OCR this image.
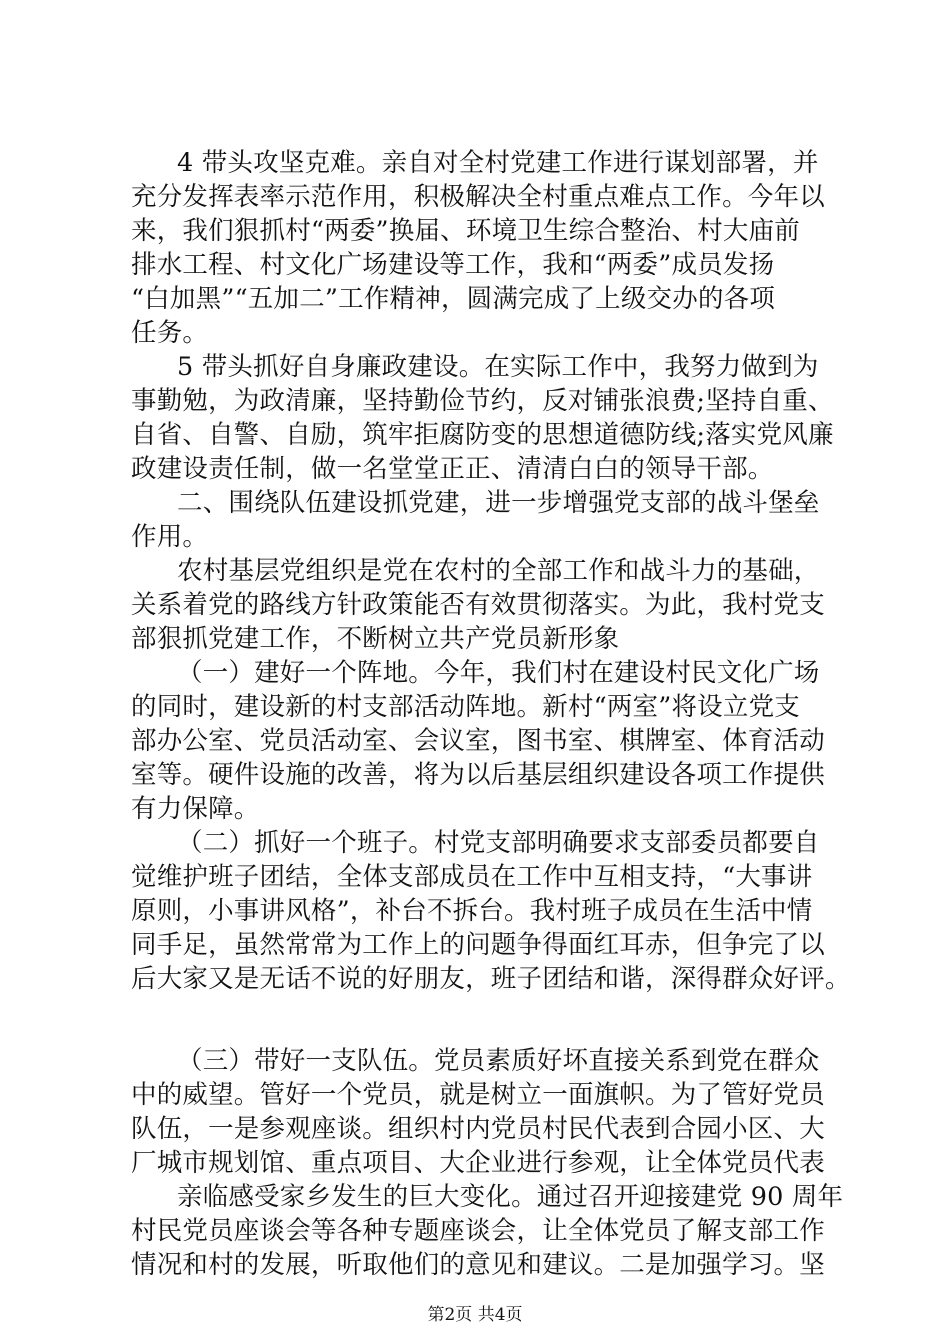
4 带头攻坚克难。亲自对全村党建工作进行谋划部署，并

充分发挥表率示范作用，积极解决全村重点难点工作。今年以

来，我们狠抓村“两委”换届、环境卫生综合整治、村大庙前

排水工程、村文化广场建设等工作，我和“两委”成员发扬

“白加黑”“五加二”工作精神，圆满完成了上级交办的各项

任务。

5 带头抓好自身廉政建设。在实际工作中，我努力做到为

事勤勉，为政清廉，坚持勤俭节约，反对铺张浪费;坚持自重、

自省、自警、自励，筑牢拒腐防变的思想道德防线;落实党风廉

政建设责任制，做一名堂堂正正、清清白白的领导干部。

二、围绕队伍建设抓党建，进一步增强党支部的战斗堡垒

作用。

农村基层党组织是党在农村的全部工作和战斗力的基础，

关系着党的路线方针政策能否有效贯彻落实。为此，我村党支

部狠抓党建工作，不断树立共产党员新形象

（一）建好一个阵地。今年，我们村在建设村民文化广场

的同时，建设新的村支部活动阵地。新村“两室”将设立党支

部办公室、党员活动室、会议室，图书室、棋牌室、体育活动

室等。硬件设施的改善，将为以后基层组织建设各项工作提供

有力保障。

（二）抓好一个班子。村党支部明确要求支部委员都要自

觉维护班子团结，全体支部成员在工作中互相支持，“大事讲

原则，小事讲风格”，补台不拆台。我村班子成员在生活中情

同手足，虽然常常为工作上的问题争得面红耳赤，但争完了以

后大家又是无话不说的好朋友，班子团结和谐，深得群众好评。

（三）带好一支队伍。党员素质好坏直接关系到党在群众

中的威望。管好一个党员，就是树立一面旗帜。为了管好党员

队伍，一是参观座谈。组织村内党员村民代表到合园小区、大

厂城市规划馆、重点项目、大企业进行参观，让全体党员代表

亲临感受家乡发生的巨大变化。通过召开迎接建党 90 周年

村民党员座谈会等各种专题座谈会，让全体党员了解支部工作

情况和村的发展，听取他们的意见和建议。二是加强学习。坚

第2页 共4页
